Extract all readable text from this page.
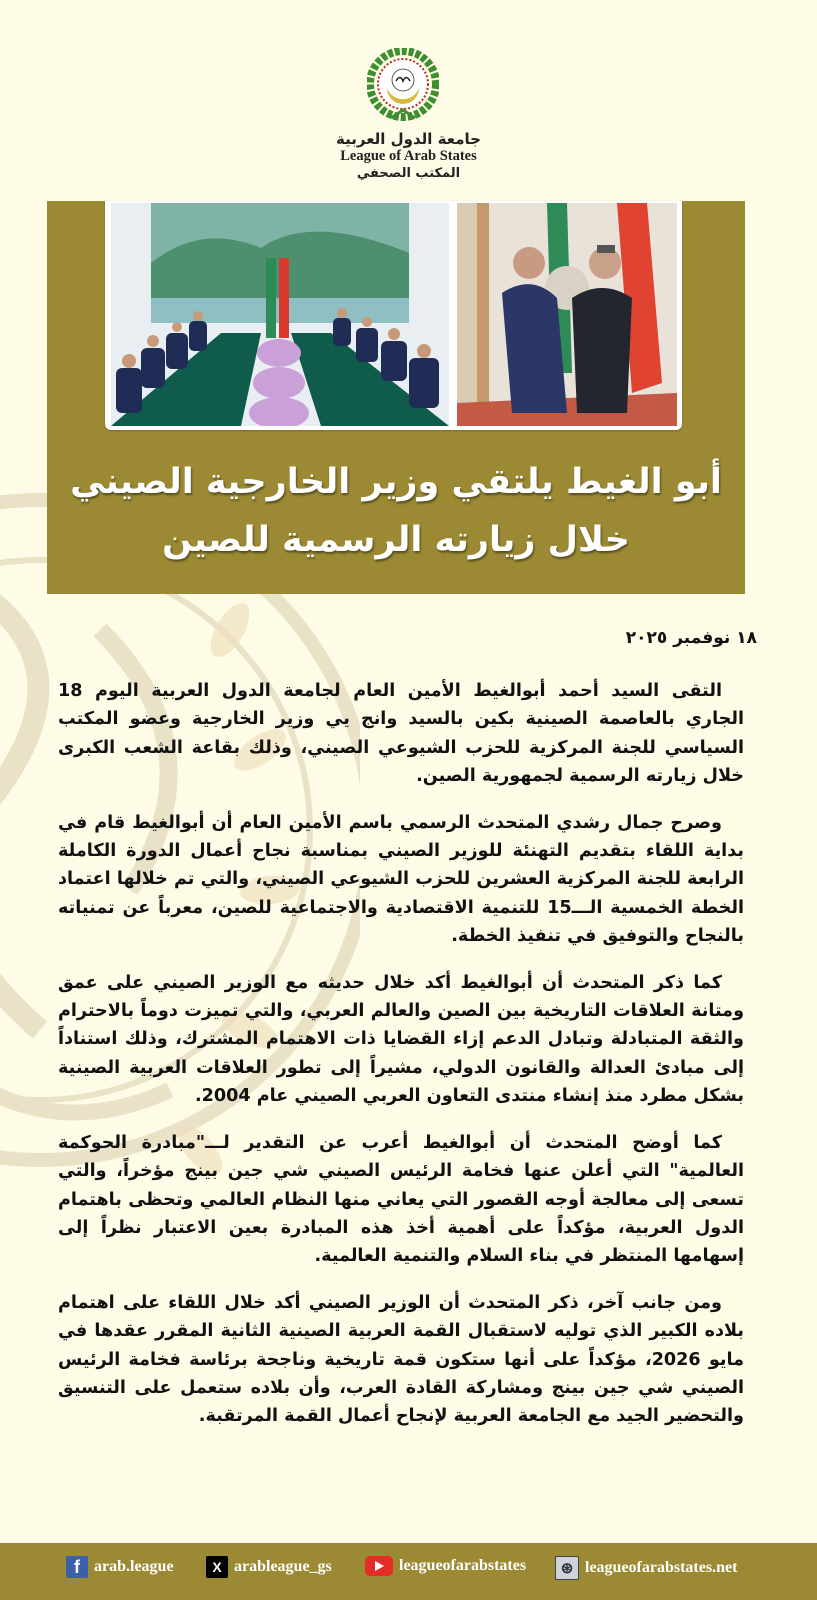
جامعة الدول العربية
League of Arab States
المكتب الصحفي
أبو الغيط يلتقي وزير الخارجية الصيني
خلال زيارته الرسمية للصين
١٨ نوفمبر ٢٠٢٥

التقى السيد أحمد أبوالغيط الأمين العام لجامعة الدول العربية اليوم 18 الجاري بالعاصمة الصينية بكين بالسيد وانج يي وزير الخارجية وعضو المكتب السياسي للجنة المركزية للحزب الشيوعي الصيني، وذلك بقاعة الشعب الكبرى خلال زيارته الرسمية لجمهورية الصين.

وصرح جمال رشدي المتحدث الرسمي باسم الأمين العام أن أبوالغيط قام في بداية اللقاء بتقديم التهنئة للوزير الصيني بمناسبة نجاح أعمال الدورة الكاملة الرابعة للجنة المركزية العشرين للحزب الشيوعي الصيني، والتي تم خلالها اعتماد الخطة الخمسية الـــ15 للتنمية الاقتصادية والاجتماعية للصين، معرباً عن تمنياته بالنجاح والتوفيق في تنفيذ الخطة.

كما ذكر المتحدث أن أبوالغيط أكد خلال حديثه مع الوزير الصيني على عمق ومتانة العلاقات التاريخية بين الصين والعالم العربي، والتي تميزت دوماً بالاحترام والثقة المتبادلة وتبادل الدعم إزاء القضايا ذات الاهتمام المشترك، وذلك استناداً إلى مبادئ العدالة والقانون الدولي، مشيراً إلى تطور العلاقات العربية الصينية بشكل مطرد منذ إنشاء منتدى التعاون العربي الصيني عام 2004.

كما أوضح المتحدث أن أبوالغيط أعرب عن التقدير لـــ"مبادرة الحوكمة العالمية" التي أعلن عنها فخامة الرئيس الصيني شي جين بينج مؤخراً، والتي تسعى إلى معالجة أوجه القصور التي يعاني منها النظام العالمي وتحظى باهتمام الدول العربية، مؤكداً على أهمية أخذ هذه المبادرة بعين الاعتبار نظراً إلى إسهامها المنتظر في بناء السلام والتنمية العالمية.

ومن جانب آخر، ذكر المتحدث أن الوزير الصيني أكد خلال اللقاء على اهتمام بلاده الكبير الذي توليه لاستقبال القمة العربية الصينية الثانية المقرر عقدها في مايو 2026، مؤكداً على أنها ستكون قمة تاريخية وناجحة برئاسة فخامة الرئيس الصيني شي جين بينج ومشاركة القادة العرب، وأن بلاده ستعمل على التنسيق والتحضير الجيد مع الجامعة العربية لإنجاح أعمال القمة المرتقبة.

f arab.league	X arableague_gs	leagueofarabstates	⊛ leagueofarabstates.net
